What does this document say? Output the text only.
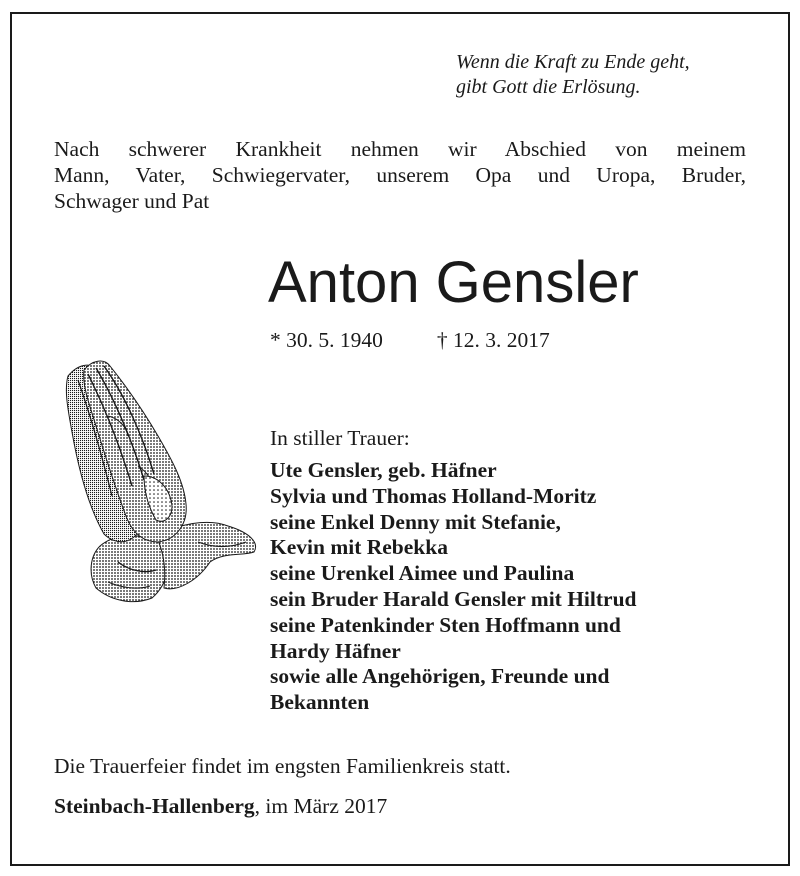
Wenn die Kraft zu Ende geht,
gibt Gott die Erlösung.
Nach schwerer Krankheit nehmen wir Abschied von meinem
Mann, Vater, Schwiegervater, unserem Opa und Uropa, Bruder,
Schwager und Pat
Anton Gensler
* 30. 5. 1940	† 12. 3. 2017
In stiller Trauer:
Ute Gensler, geb. Häfner
Sylvia und Thomas Holland-Moritz
seine Enkel Denny mit Stefanie,
Kevin mit Rebekka
seine Urenkel Aimee und Paulina
sein Bruder Harald Gensler mit Hiltrud
seine Patenkinder Sten Hoffmann und
Hardy Häfner
sowie alle Angehörigen, Freunde und
Bekannten
Die Trauerfeier findet im engsten Familienkreis statt.
Steinbach-Hallenberg, im März 2017
